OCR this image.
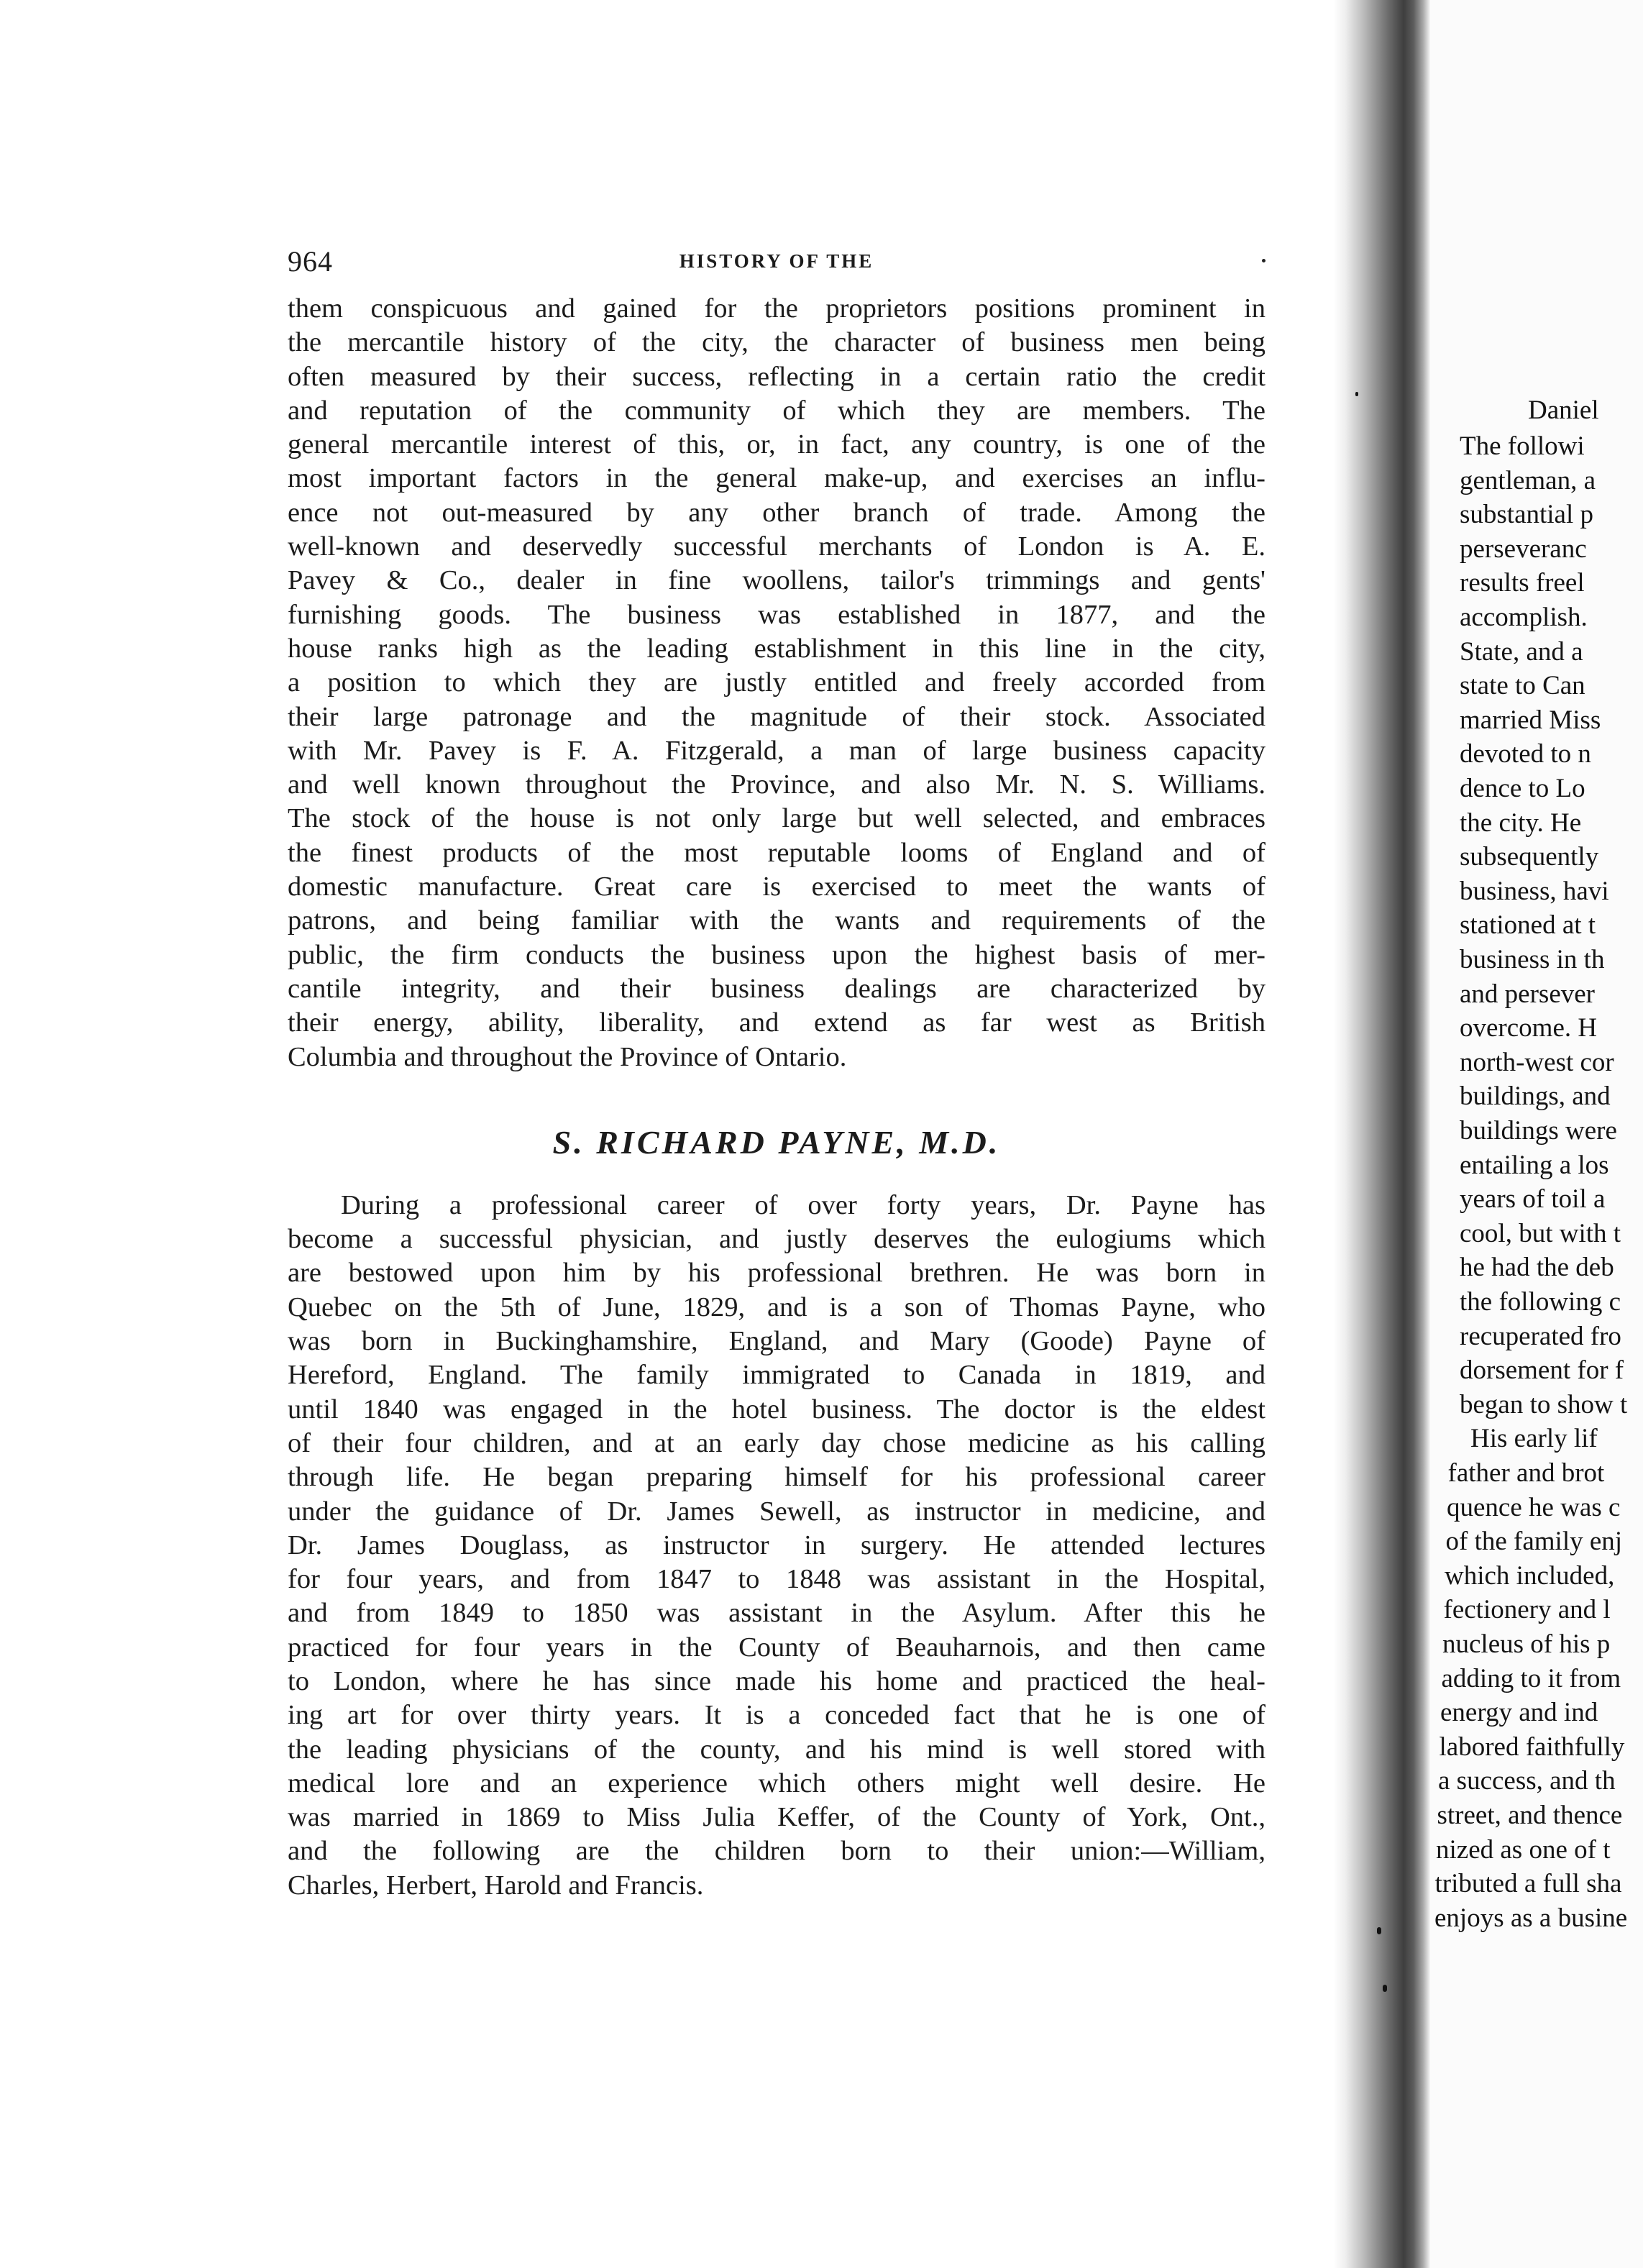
964	HISTORY OF THE

them conspicuous and gained for the proprietors positions prominent in
the mercantile history of the city, the character of business men being
often measured by their success, reflecting in a certain ratio the credit
and reputation of the community of which they are members. The
general mercantile interest of this, or, in fact, any country, is one of the
most important factors in the general make-up, and exercises an influ-
ence not out-measured by any other branch of trade. Among the
well-known and deservedly successful merchants of London is A. E.
Pavey & Co., dealer in fine woollens, tailor's trimmings and gents'
furnishing goods. The business was established in 1877, and the
house ranks high as the leading establishment in this line in the city,
a position to which they are justly entitled and freely accorded from
their large patronage and the magnitude of their stock. Associated
with Mr. Pavey is F. A. Fitzgerald, a man of large business capacity
and well known throughout the Province, and also Mr. N. S. Williams.
The stock of the house is not only large but well selected, and embraces
the finest products of the most reputable looms of England and of
domestic manufacture. Great care is exercised to meet the wants of
patrons, and being familiar with the wants and requirements of the
public, the firm conducts the business upon the highest basis of mer-
cantile integrity, and their business dealings are characterized by
their energy, ability, liberality, and extend as far west as British
Columbia and throughout the Province of Ontario.

S. RICHARD PAYNE, M.D.

During a professional career of over forty years, Dr. Payne has
become a successful physician, and justly deserves the eulogiums which
are bestowed upon him by his professional brethren. He was born in
Quebec on the 5th of June, 1829, and is a son of Thomas Payne, who
was born in Buckinghamshire, England, and Mary (Goode) Payne of
Hereford, England. The family immigrated to Canada in 1819, and
until 1840 was engaged in the hotel business. The doctor is the eldest
of their four children, and at an early day chose medicine as his calling
through life. He began preparing himself for his professional career
under the guidance of Dr. James Sewell, as instructor in medicine, and
Dr. James Douglass, as instructor in surgery. He attended lectures
for four years, and from 1847 to 1848 was assistant in the Hospital,
and from 1849 to 1850 was assistant in the Asylum. After this he
practiced for four years in the County of Beauharnois, and then came
to London, where he has since made his home and practiced the heal-
ing art for over thirty years. It is a conceded fact that he is one of
the leading physicians of the county, and his mind is well stored with
medical lore and an experience which others might well desire. He
was married in 1869 to Miss Julia Keffer, of the County of York, Ont.,
and the following are the children born to their union:—William,
Charles, Herbert, Harold and Francis.

Daniel
The followi
gentleman, a
substantial p
perseveranc
results freel
accomplish.
State, and a
state to Can
married Miss
devoted to n
dence to Lo
the city. He
subsequently
business, havi
stationed at t
business in th
and persever
overcome. H
north-west cor
buildings, and
buildings were
entailing a los
years of toil a
cool, but with t
he had the deb
the following c
recuperated fro
dorsement for f
began to show t
His early lif
father and brot
quence he was c
of the family enj
which included,
fectionery and l
nucleus of his p
adding to it from
energy and ind
labored faithfully
a success, and th
street, and thence
nized as one of t
tributed a full sha
enjoys as a busine
